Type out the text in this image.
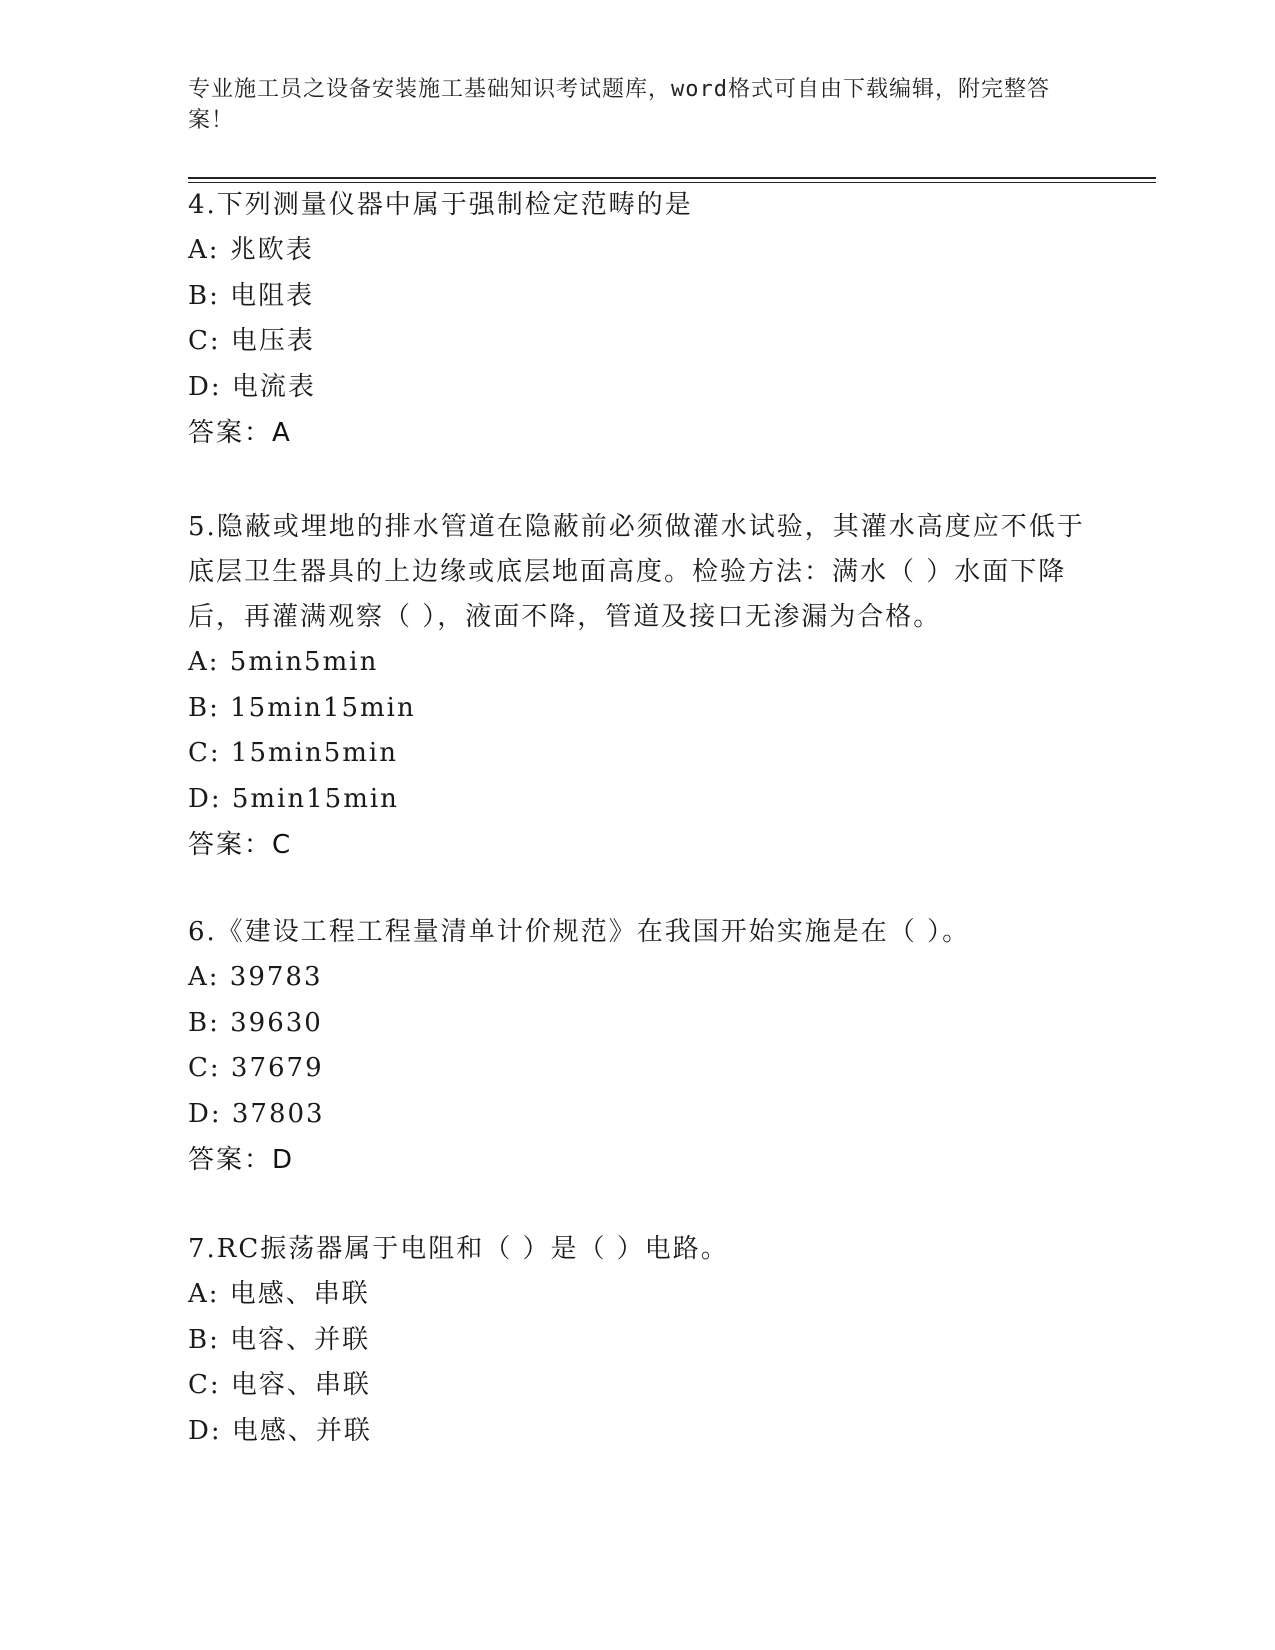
专业施工员之设备安装施工基础知识考试题库，word格式可自由下载编辑，附完整答案！
4.下列测量仪器中属于强制检定范畴的是
A: 兆欧表
B: 电阻表
C: 电压表
D: 电流表
答案：A
5.隐蔽或埋地的排水管道在隐蔽前必须做灌水试验，其灌水高度应不低于底层卫生器具的上边缘或底层地面高度。检验方法：满水（ ）水面下降后，再灌满观察（ ），液面不降，管道及接口无渗漏为合格。
A: 5min5min
B: 15min15min
C: 15min5min
D: 5min15min
答案：C
6.《建设工程工程量清单计价规范》在我国开始实施是在（ ）。
A: 39783
B: 39630
C: 37679
D: 37803
答案：D
7.RC振荡器属于电阻和（ ）是（ ）电路。
A: 电感、串联
B: 电容、并联
C: 电容、串联
D: 电感、并联
